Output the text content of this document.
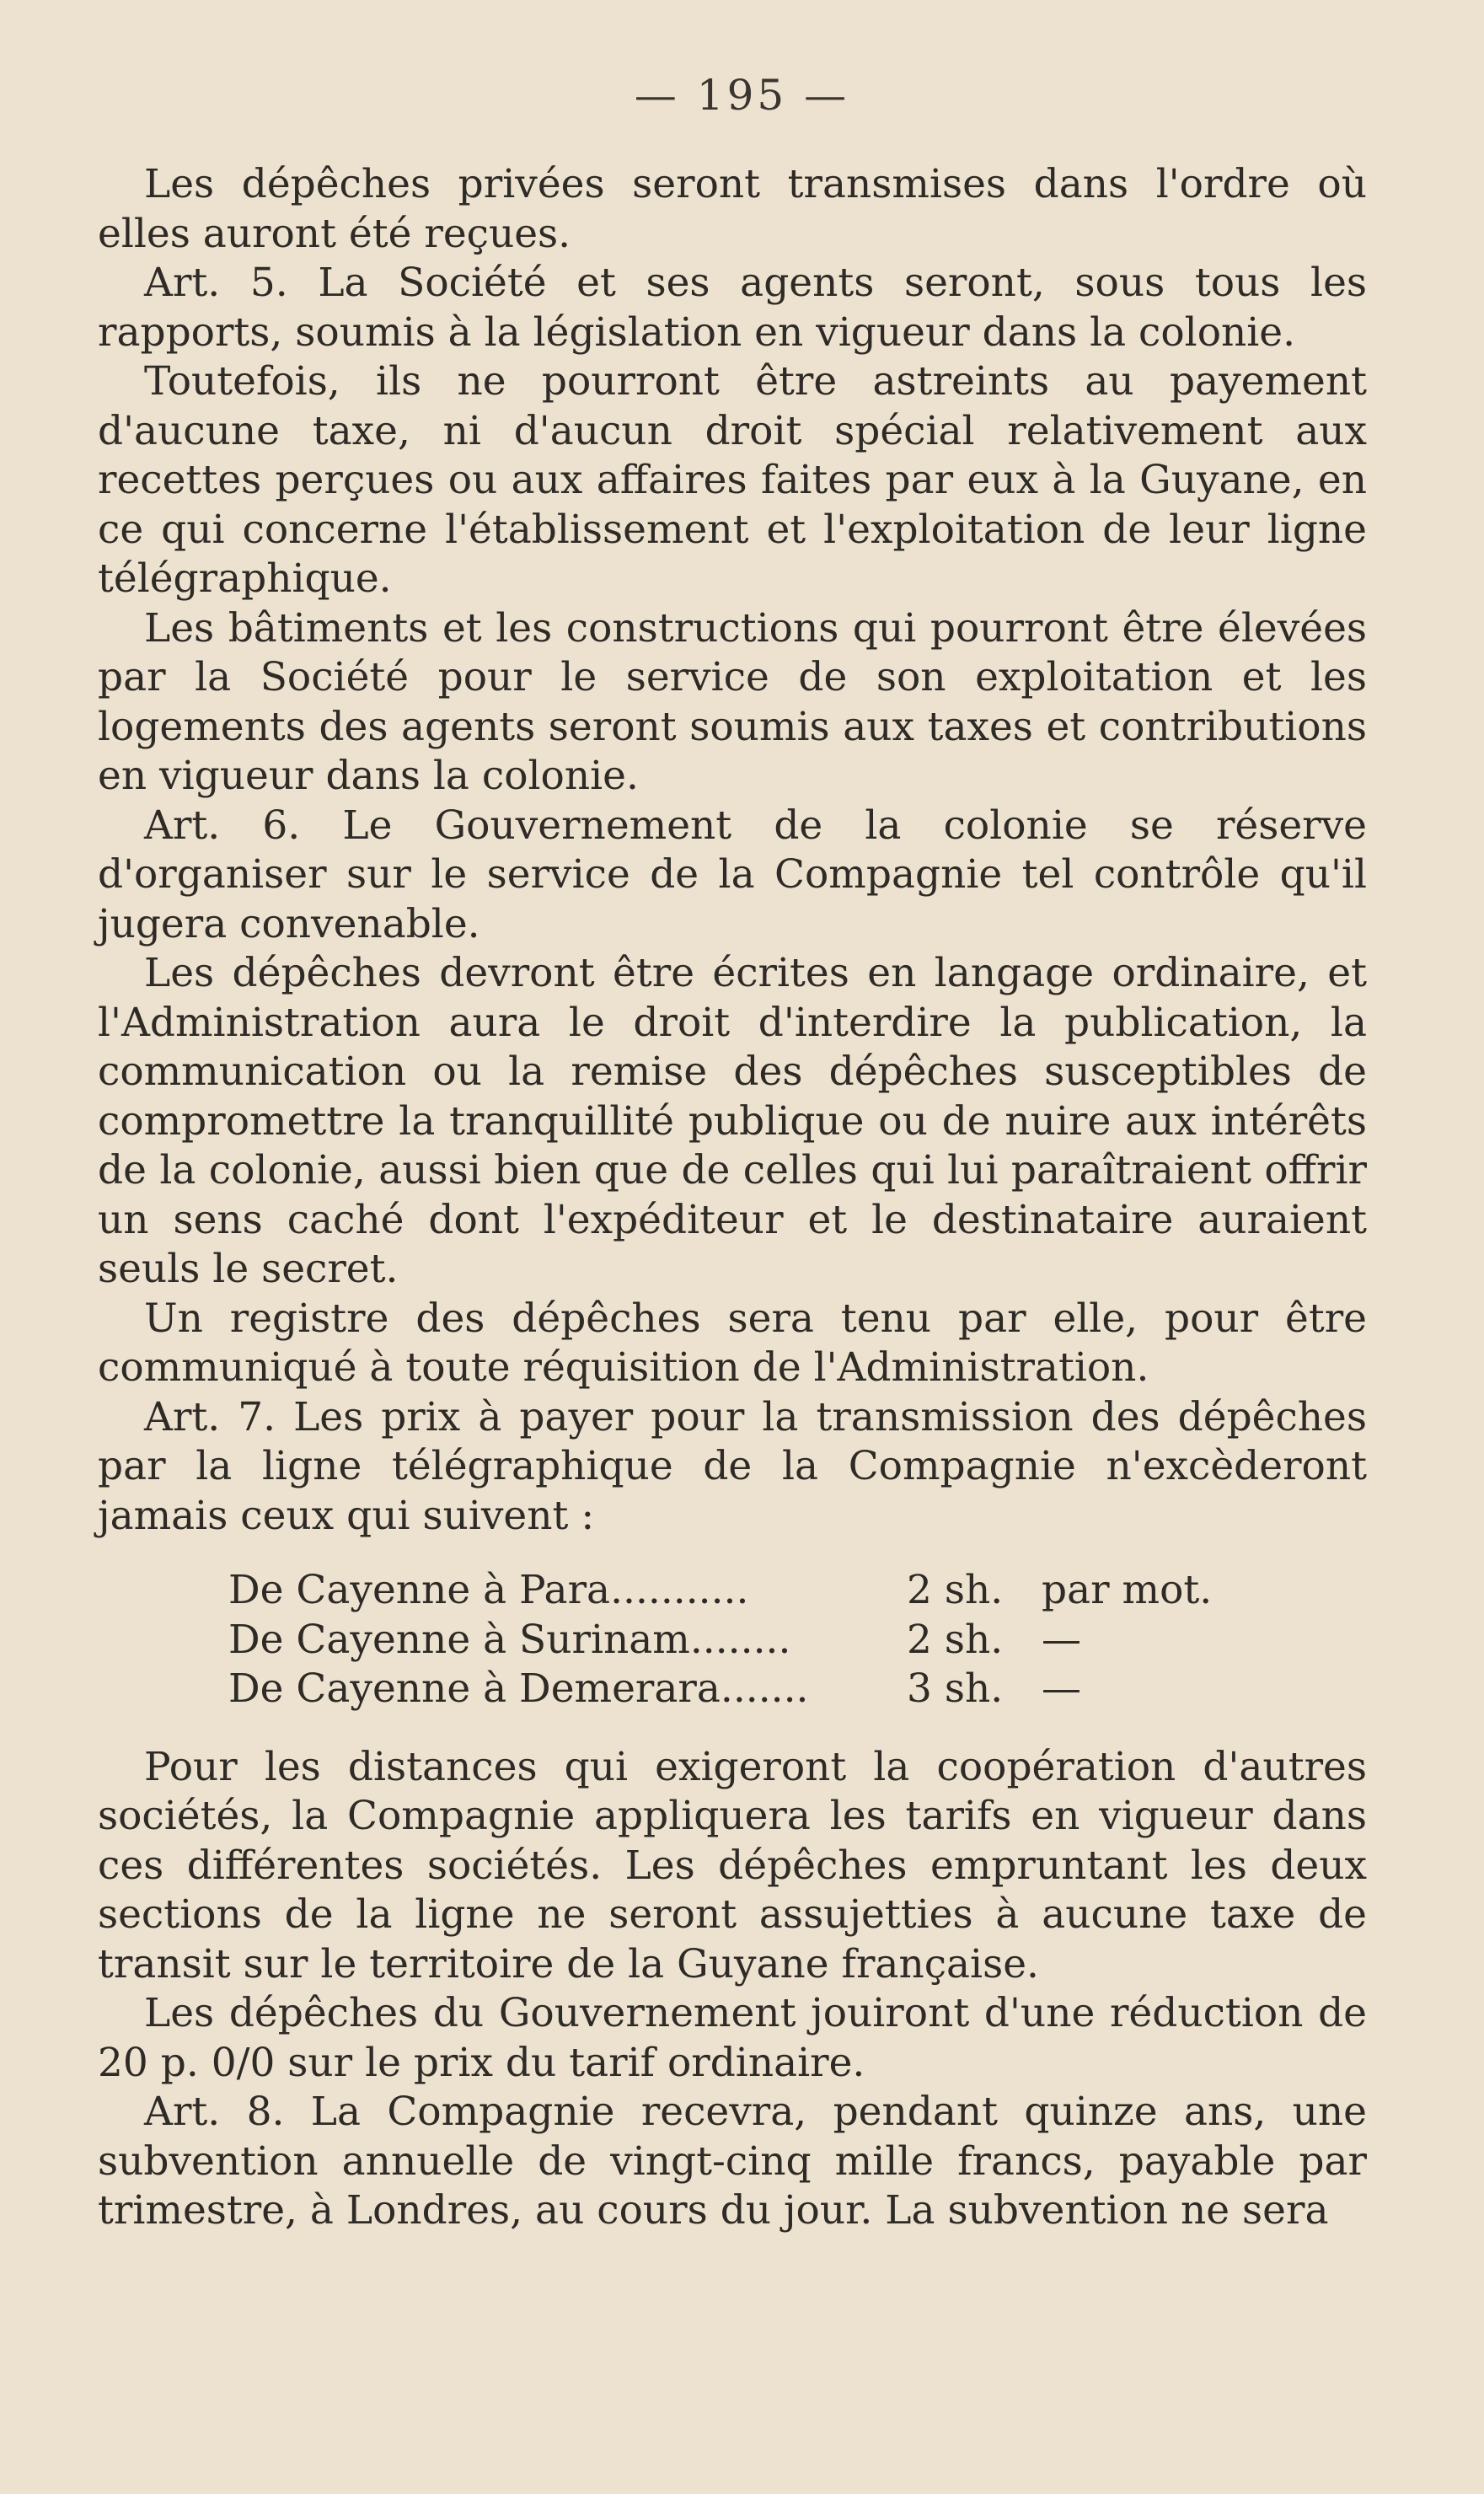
— 195 —

Les dépêches privées seront transmises dans l'ordre où elles auront été reçues.

Art. 5. La Société et ses agents seront, sous tous les rapports, soumis à la législation en vigueur dans la colonie.

Toutefois, ils ne pourront être astreints au payement d'aucune taxe, ni d'aucun droit spécial relativement aux recettes perçues ou aux affaires faites par eux à la Guyane, en ce qui concerne l'établissement et l'exploitation de leur ligne télégraphique.

Les bâtiments et les constructions qui pourront être élevées par la Société pour le service de son exploitation et les logements des agents seront soumis aux taxes et contributions en vigueur dans la colonie.

Art. 6. Le Gouvernement de la colonie se réserve d'organiser sur le service de la Compagnie tel contrôle qu'il jugera convenable.

Les dépêches devront être écrites en langage ordinaire, et l'Administration aura le droit d'interdire la publication, la communication ou la remise des dépêches susceptibles de compromettre la tranquillité publique ou de nuire aux intérêts de la colonie, aussi bien que de celles qui lui paraîtraient offrir un sens caché dont l'expéditeur et le destinataire auraient seuls le secret.

Un registre des dépêches sera tenu par elle, pour être communiqué à toute réquisition de l'Administration.

Art. 7. Les prix à payer pour la transmission des dépêches par la ligne télégraphique de la Compagnie n'excèderont jamais ceux qui suivent :

De Cayenne à Para...........	2 sh. par mot.
De Cayenne à Surinam........	2 sh. —
De Cayenne à Demerara.......	3 sh. —

Pour les distances qui exigeront la coopération d'autres sociétés, la Compagnie appliquera les tarifs en vigueur dans ces différentes sociétés. Les dépêches empruntant les deux sections de la ligne ne seront assujetties à aucune taxe de transit sur le territoire de la Guyane française.

Les dépêches du Gouvernement jouiront d'une réduction de 20 p. 0/0 sur le prix du tarif ordinaire.

Art. 8. La Compagnie recevra, pendant quinze ans, une subvention annuelle de vingt-cinq mille francs, payable par trimestre, à Londres, au cours du jour. La subvention ne sera
